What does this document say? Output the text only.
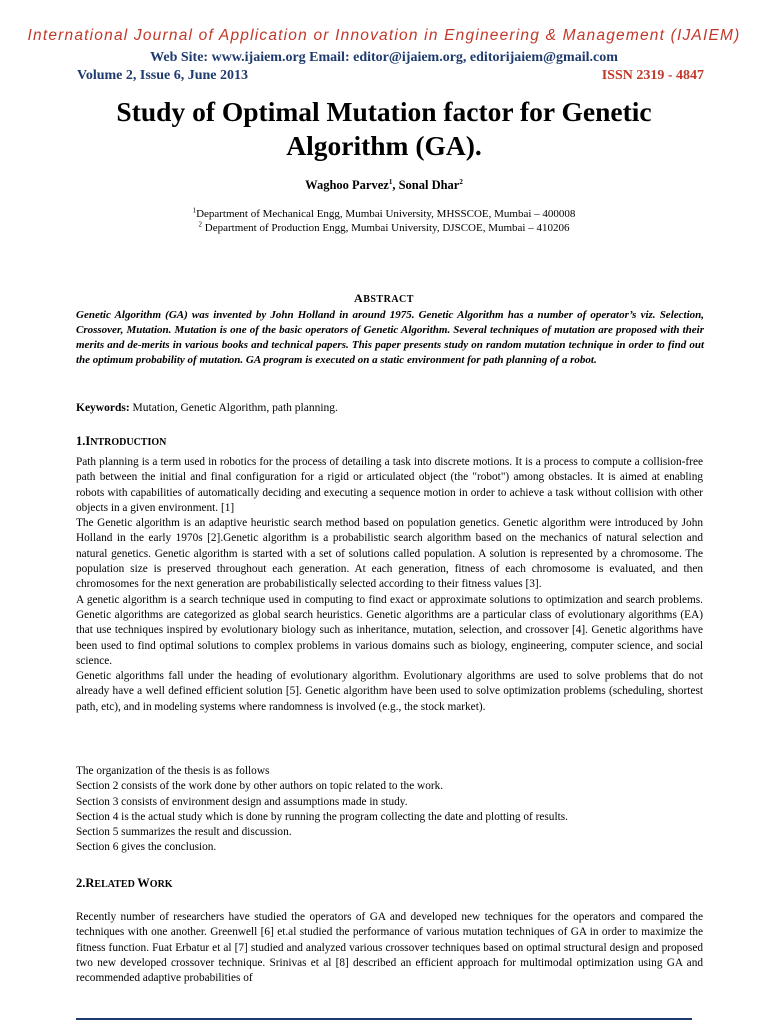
International Journal of Application or Innovation in Engineering & Management (IJAIEM)
Web Site: www.ijaiem.org Email: editor@ijaiem.org, editorijaiem@gmail.com
Volume 2, Issue 6, June 2013	ISSN 2319 - 4847
Study of Optimal Mutation factor for Genetic Algorithm (GA).
Waghoo Parvez$^1$, Sonal Dhar$^2$
$^1$Department of Mechanical Engg, Mumbai University, MHSSCOE, Mumbai – 400008
$^2$ Department of Production Engg, Mumbai University, DJSCOE, Mumbai – 410206
ABSTRACT
Genetic Algorithm (GA) was invented by John Holland in around 1975. Genetic Algorithm has a number of operator’s viz. Selection, Crossover, Mutation. Mutation is one of the basic operators of Genetic Algorithm. Several techniques of mutation are proposed with their merits and de-merits in various books and technical papers. This paper presents study on random mutation technique in order to find out the optimum probability of mutation. GA program is executed on a static environment for path planning of a robot.
Keywords: Mutation, Genetic Algorithm, path planning.
1.INTRODUCTION

Path planning is a term used in robotics for the process of detailing a task into discrete motions. It is a process to compute a collision-free path between the initial and final configuration for a rigid or articulated object (the "robot") among obstacles. It is aimed at enabling robots with capabilities of automatically deciding and executing a sequence motion in order to achieve a task without collision with other objects in a given environment. [1]

The Genetic algorithm is an adaptive heuristic search method based on population genetics. Genetic algorithm were introduced by John Holland in the early 1970s [2].Genetic algorithm is a probabilistic search algorithm based on the mechanics of natural selection and natural genetics. Genetic algorithm is started with a set of solutions called population. A solution is represented by a chromosome. The population size is preserved throughout each generation. At each generation, fitness of each chromosome is evaluated, and then chromosomes for the next generation are probabilistically selected according to their fitness values [3].

A genetic algorithm is a search technique used in computing to find exact or approximate solutions to optimization and search problems. Genetic algorithms are categorized as global search heuristics. Genetic algorithms are a particular class of evolutionary algorithms (EA) that use techniques inspired by evolutionary biology such as inheritance, mutation, selection, and crossover [4]. Genetic algorithms have been used to find optimal solutions to complex problems in various domains such as biology, engineering, computer science, and social science.

Genetic algorithms fall under the heading of evolutionary algorithm. Evolutionary algorithms are used to solve problems that do not already have a well defined efficient solution [5]. Genetic algorithm have been used to solve optimization problems (scheduling, shortest path, etc), and in modeling systems where randomness is involved (e.g., the stock market).

The organization of the thesis is as follows
Section 2 consists of the work done by other authors on topic related to the work.
Section 3 consists of environment design and assumptions made in study.
Section 4 is the actual study which is done by running the program collecting the date and plotting of results.
Section 5 summarizes the result and discussion.
Section 6 gives the conclusion.
2.RELATED WORK

Recently number of researchers have studied the operators of GA and developed new techniques for the operators and compared the techniques with one another. Greenwell [6] et.al studied the performance of various mutation techniques of GA in order to maximize the fitness function. Fuat Erbatur et al [7] studied and analyzed various crossover techniques based on optimal structural design and proposed two new developed crossover technique. Srinivas et al [8] described an efficient approach for multimodal optimization using GA and recommended adaptive probabilities of
